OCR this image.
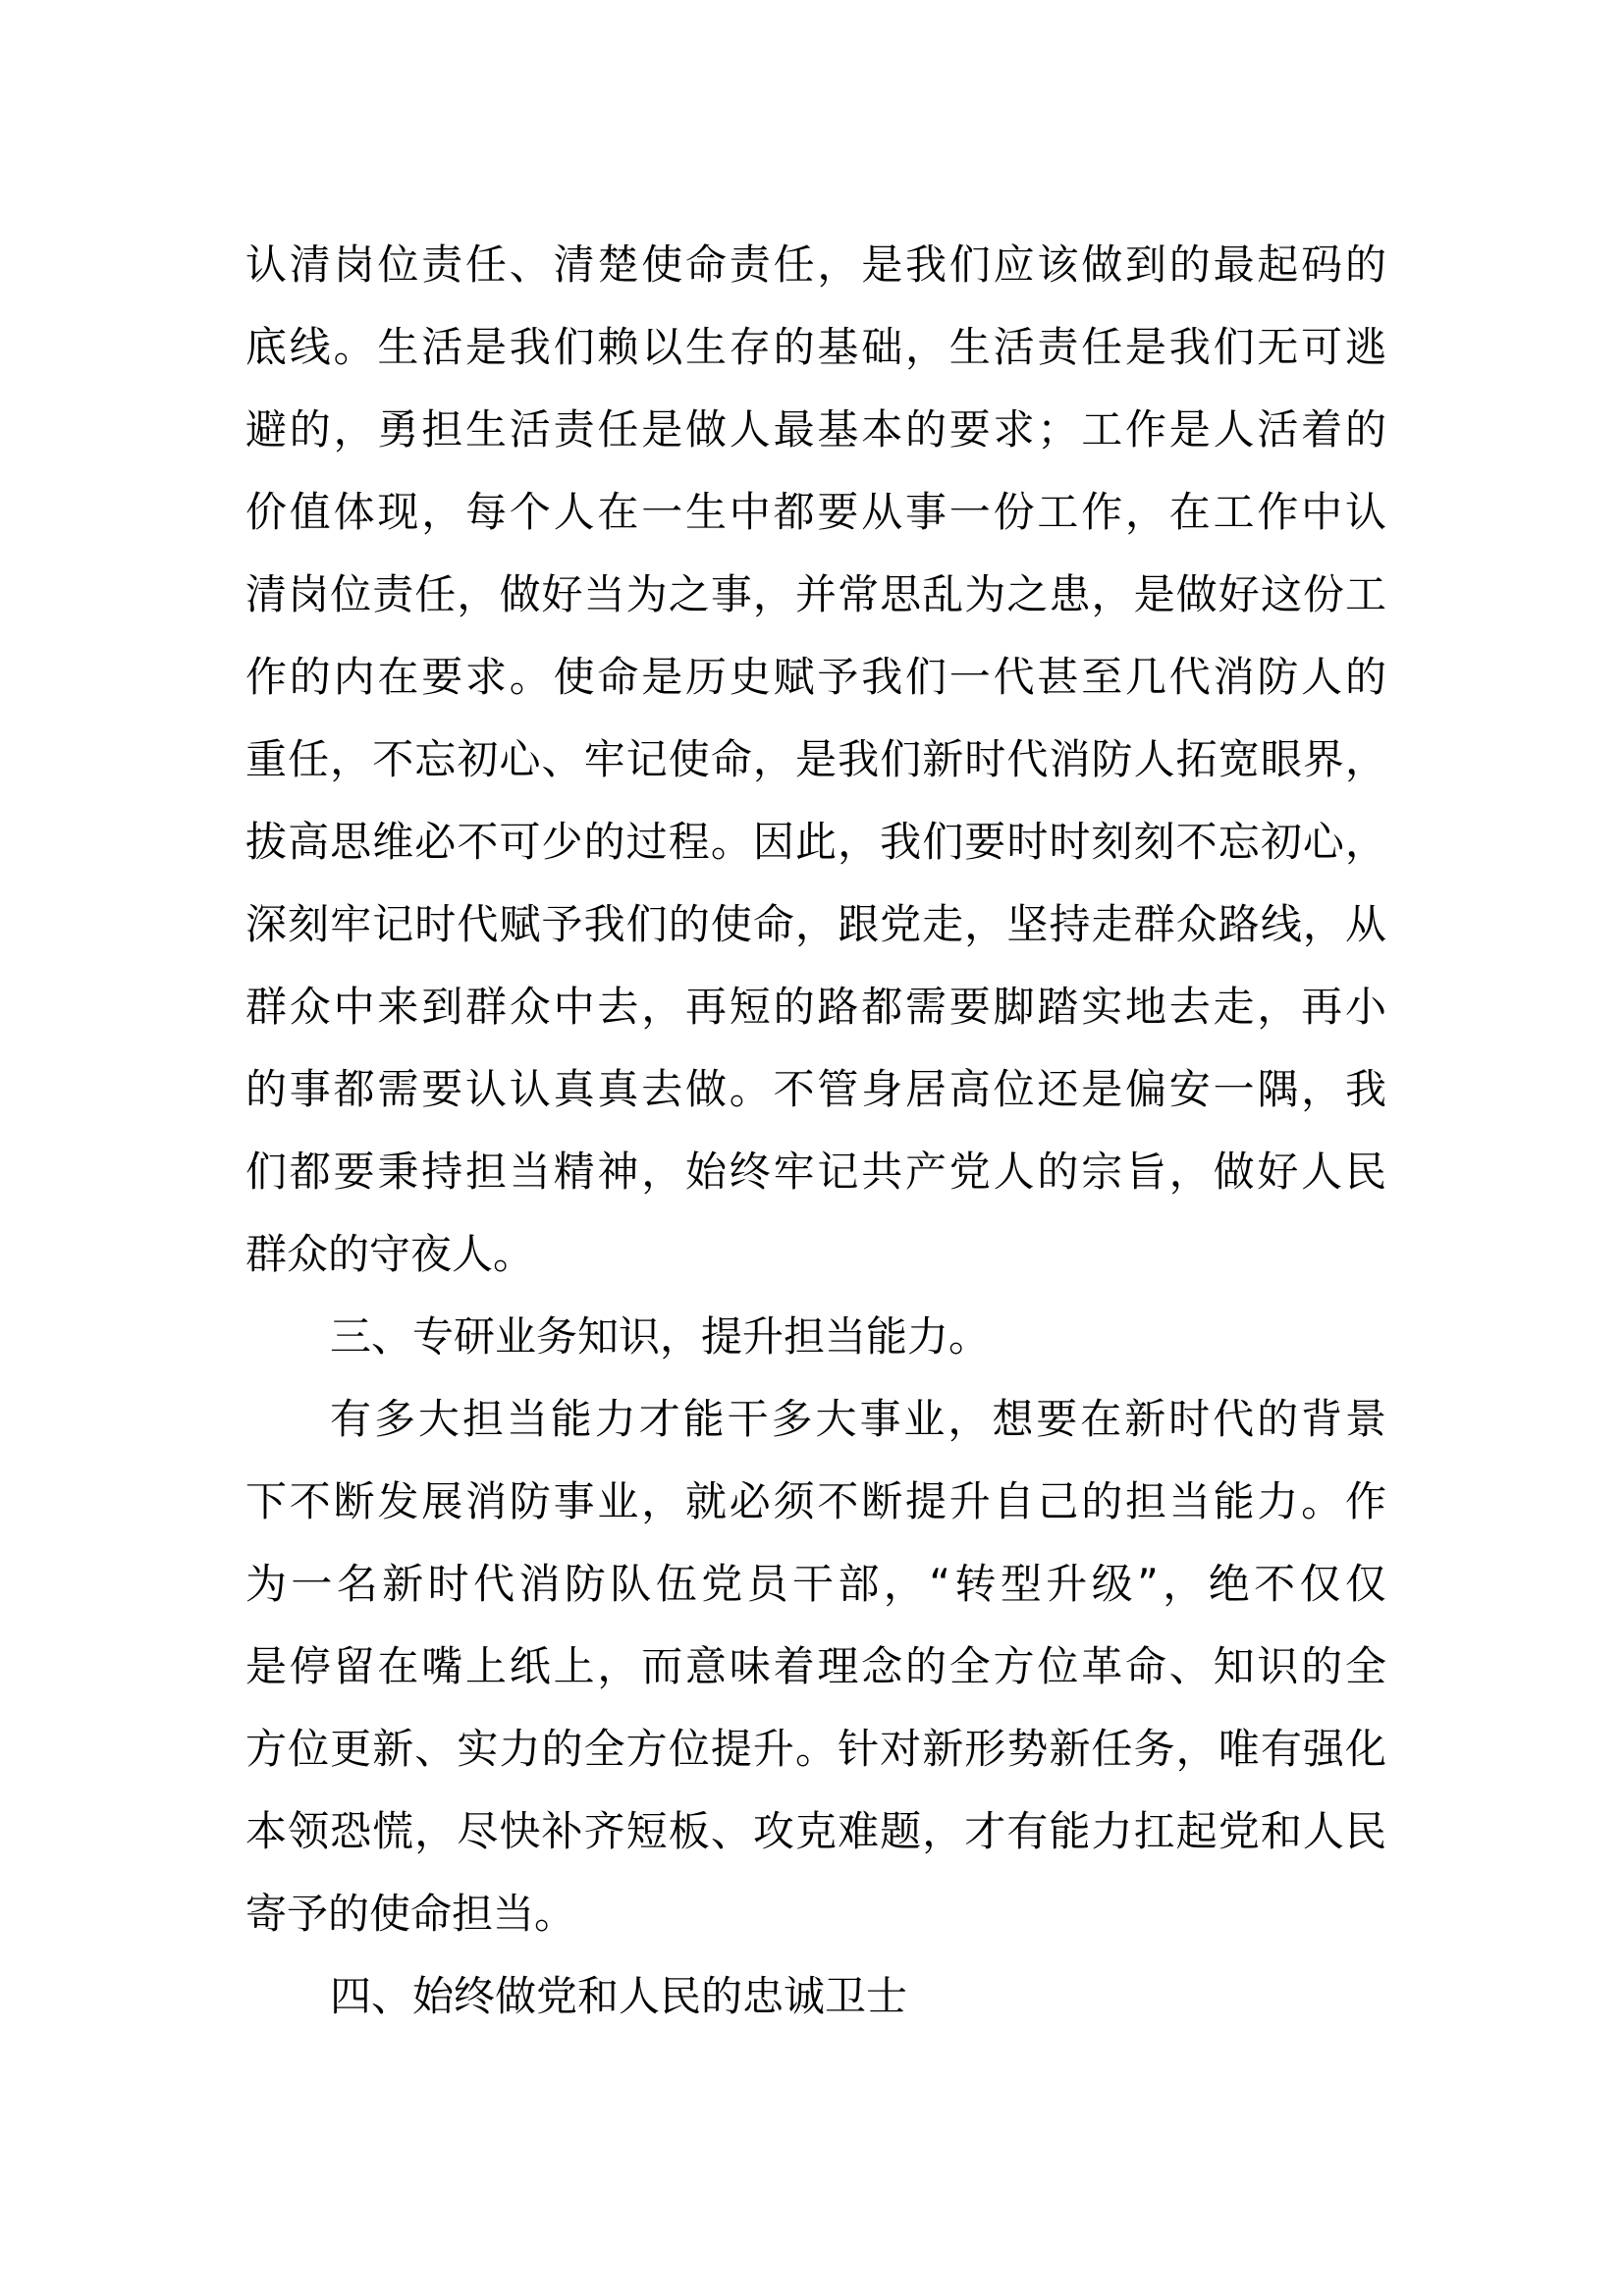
认清岗位责任、清楚使命责任，是我们应该做到的最起码的
底线。生活是我们赖以生存的基础，生活责任是我们无可逃
避的，勇担生活责任是做人最基本的要求；工作是人活着的
价值体现，每个人在一生中都要从事一份工作，在工作中认
清岗位责任，做好当为之事，并常思乱为之患，是做好这份工
作的内在要求。使命是历史赋予我们一代甚至几代消防人的
重任，不忘初心、牢记使命，是我们新时代消防人拓宽眼界，
拔高思维必不可少的过程。因此，我们要时时刻刻不忘初心，
深刻牢记时代赋予我们的使命，跟党走，坚持走群众路线，从
群众中来到群众中去，再短的路都需要脚踏实地去走，再小
的事都需要认认真真去做。不管身居高位还是偏安一隅，我
们都要秉持担当精神，始终牢记共产党人的宗旨，做好人民
群众的守夜人。
三、专研业务知识，提升担当能力。
有多大担当能力才能干多大事业，想要在新时代的背景
下不断发展消防事业，就必须不断提升自己的担当能力。作
为一名新时代消防队伍党员干部，“转型升级”，绝不仅仅
是停留在嘴上纸上，而意味着理念的全方位革命、知识的全
方位更新、实力的全方位提升。针对新形势新任务，唯有强化
本领恐慌，尽快补齐短板、攻克难题，才有能力扛起党和人民
寄予的使命担当。
四、始终做党和人民的忠诚卫士
